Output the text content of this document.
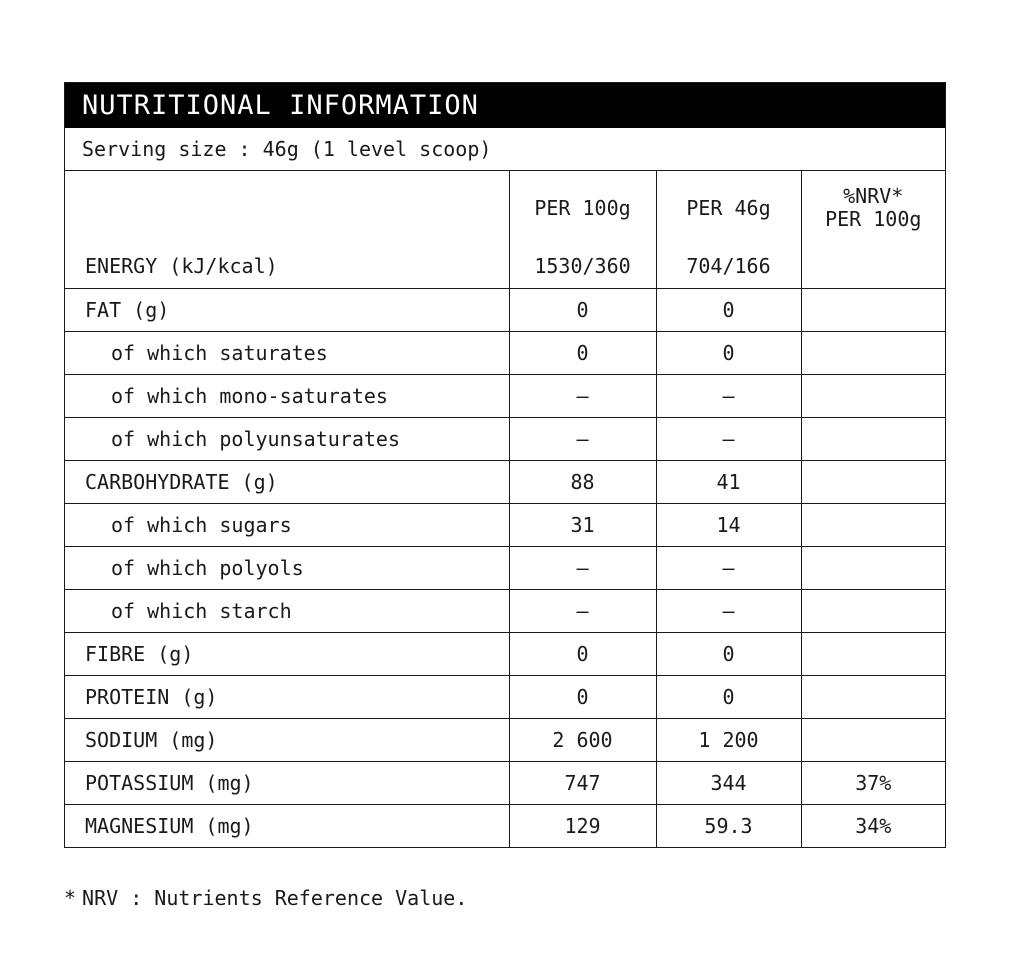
NUTRITIONAL INFORMATION
Serving size : 46g (1 level scoop)
	PER 100g	PER 46g	%NRV*
PER 100g

ENERGY (kJ/kcal)	1530/360	704/166	
FAT (g)	0	0	
of which saturates	0	0	
of which mono-saturates	–	–	
of which polyunsaturates	–	–	
CARBOHYDRATE (g)	88	41	
of which sugars	31	14	
of which polyols	–	–	
of which starch	–	–	
FIBRE (g)	0	0	
PROTEIN (g)	0	0	
SODIUM (mg)	2 600	1 200	
POTASSIUM (mg)	747	344	37%
MAGNESIUM (mg)	129	59.3	34%
* NRV : Nutrients Reference Value.
